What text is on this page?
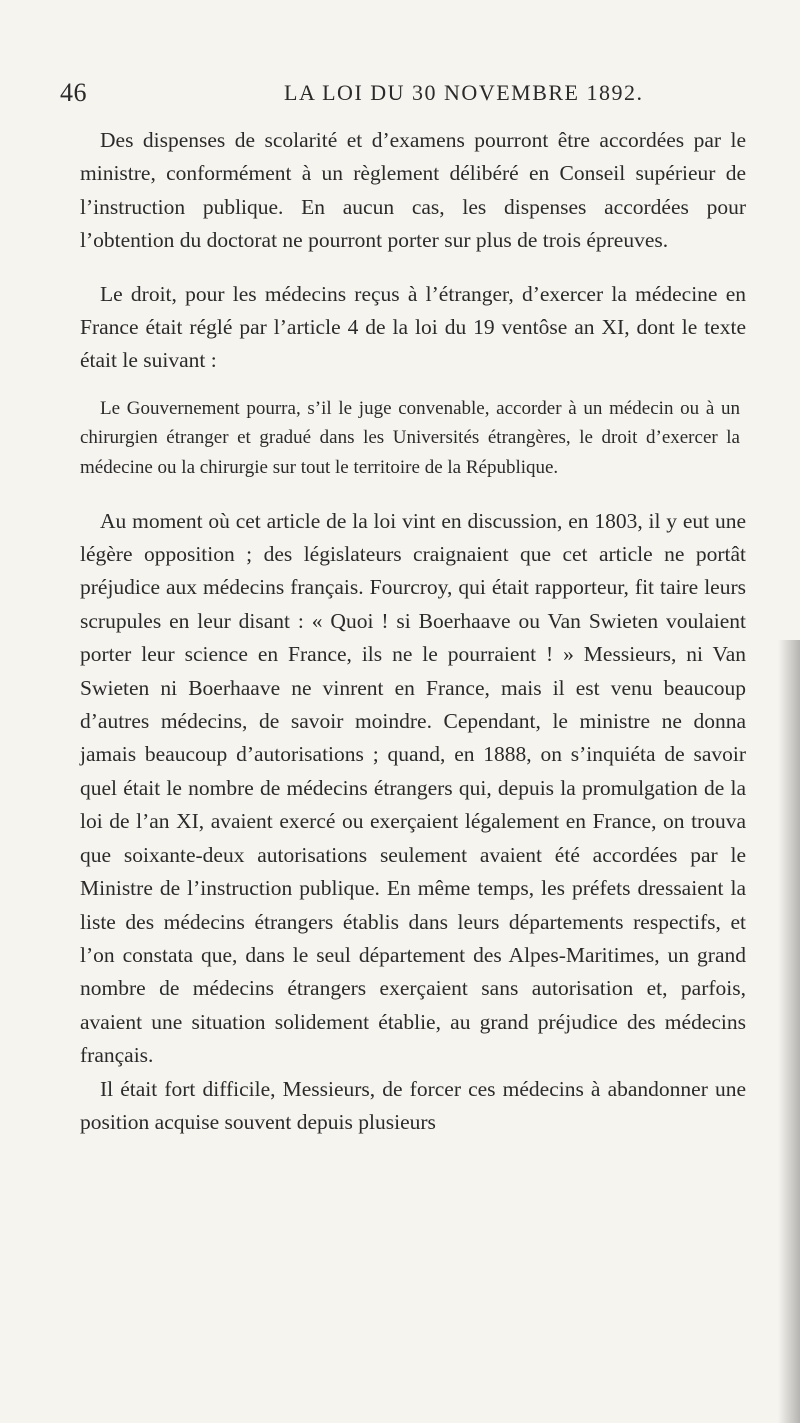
46	LA LOI DU 30 NOVEMBRE 1892.

Des dispenses de scolarité et d’examens pourront être accordées par le ministre, conformément à un règlement délibéré en Conseil supérieur de l’instruction publique. En aucun cas, les dispenses accordées pour l’obtention du doctorat ne pourront porter sur plus de trois épreuves.

Le droit, pour les médecins reçus à l’étranger, d’exercer la médecine en France était réglé par l’article 4 de la loi du 19 ventôse an XI, dont le texte était le suivant :

Le Gouvernement pourra, s’il le juge convenable, accorder à un médecin ou à un chirurgien étranger et gradué dans les Universités étrangères, le droit d’exercer la médecine ou la chirurgie sur tout le territoire de la République.

Au moment où cet article de la loi vint en discussion, en 1803, il y eut une légère opposition ; des législateurs craignaient que cet article ne portât préjudice aux médecins français. Fourcroy, qui était rapporteur, fit taire leurs scrupules en leur disant : « Quoi ! si Boerhaave ou Van Swieten voulaient porter leur science en France, ils ne le pourraient ! » Messieurs, ni Van Swieten ni Boerhaave ne vinrent en France, mais il est venu beaucoup d’autres médecins, de savoir moindre. Cependant, le ministre ne donna jamais beaucoup d’autorisations ; quand, en 1888, on s’inquiéta de savoir quel était le nombre de médecins étrangers qui, depuis la promulgation de la loi de l’an XI, avaient exercé ou exerçaient légalement en France, on trouva que soixante-deux autorisations seulement avaient été accordées par le Ministre de l’instruction publique. En même temps, les préfets dressaient la liste des médecins étrangers établis dans leurs départements respectifs, et l’on constata que, dans le seul département des Alpes-Maritimes, un grand nombre de médecins étrangers exerçaient sans autorisation et, parfois, avaient une situation solidement établie, au grand préjudice des médecins français.

Il était fort difficile, Messieurs, de forcer ces médecins à abandonner une position acquise souvent depuis plusieurs
